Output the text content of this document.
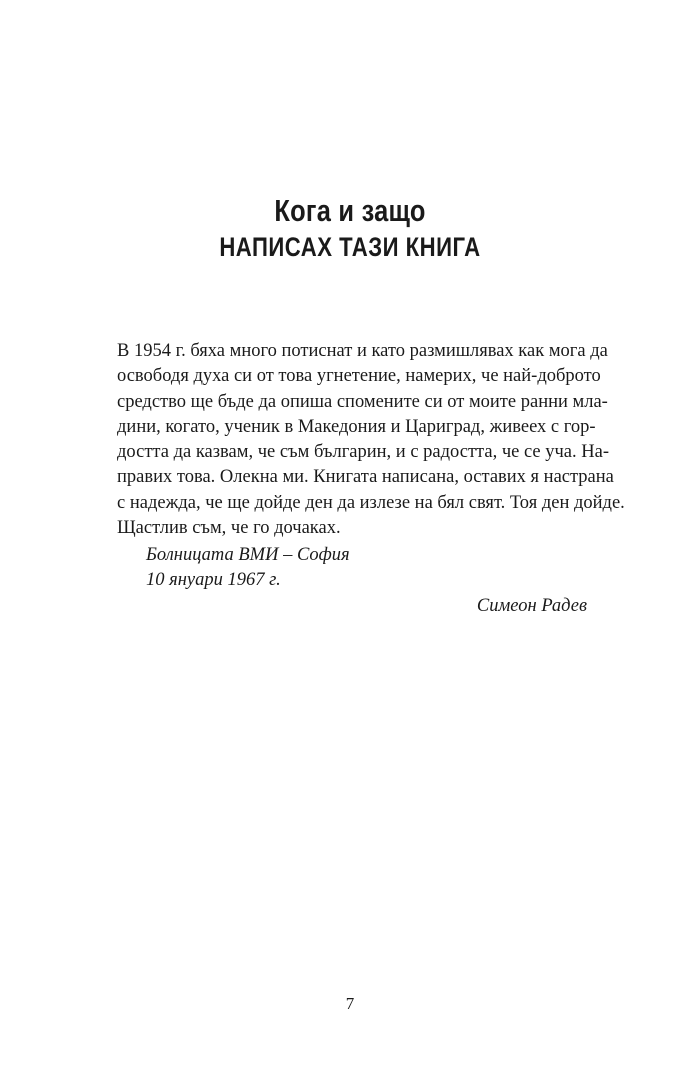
Кога и защо
НАПИСАХ ТАЗИ КНИГА

В 1954 г. бяха много потиснат и като размишлявах как мога да
освободя духа си от това угнетение, намерих, че най-доброто
средство ще бъде да опиша спомените си от моите ранни мла-
дини, когато, ученик в Македония и Цариград, живеех с гор-
достта да казвам, че съм българин, и с радостта, че се уча. На-
правих това. Олекна ми. Книгата написана, оставих я настрана
с надежда, че ще дойде ден да излезе на бял свят. Тоя ден дойде.
Щастлив съм, че го дочаках.

Болницата ВМИ – София

10 януари 1967 г.

Симеон Радев

7
